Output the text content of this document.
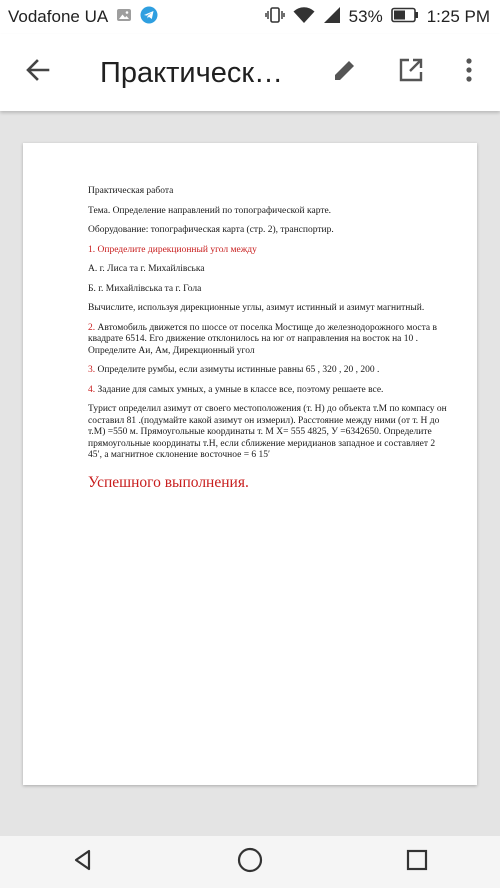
Vodafone UA	53%	1:25 PM
Практическ…

Практическая работа

Тема. Определение направлений по топографической карте.

Оборудование: топографическая карта (стр. 2), транспортир.

1. Определите дирекционный угол между

А. г. Лиса та г. Михайлівська

Б. г. Михайлівська та г. Гола

Вычислите, используя дирекционные углы, азимут истинный и азимут магнитный.

2. Автомобиль движется по шоссе от поселка Мостище до железнодорожного моста в квадрате 6514. Его движение отклонилось на юг от направления на восток на 10 . Определите Аи, Ам, Дирекционный угол

3. Определите румбы, если азимуты истинные равны 65 , 320 , 20 , 200 .

4. Задание для самых умных, а умные в классе все, поэтому решаете все.

Турист определил азимут от своего местоположения (т. Н) до объекта т.М по компасу он составил 81 .(подумайте какой азимут он измерил). Расстояние между ними (от т. Н до т.М) =550 м. Прямоугольные координаты т. М Х= 555 4825, У =6342650. Определите прямоугольные координаты т.Н, если сближение меридианов западное и составляет 2 45′, а магнитное склонение восточное = 6 15′

Успешного выполнения.
